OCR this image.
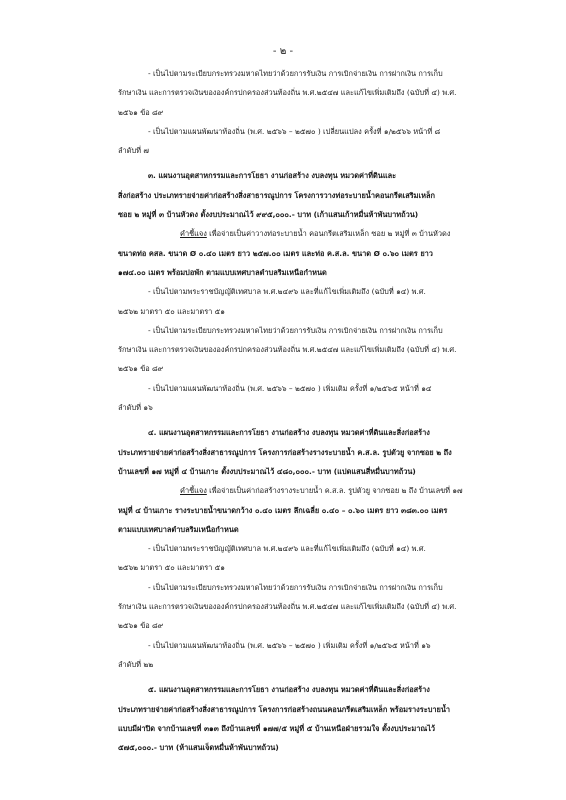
- ๒ -
- เป็นไปตามระเบียบกระทรวงมหาดไทยว่าด้วยการรับเงิน การเบิกจ่ายเงิน การฝากเงิน การเก็บ
รักษาเงิน และการตรวจเงินขององค์กรปกครองส่วนท้องถิ่น พ.ศ.๒๕๔๗ และแก้ไขเพิ่มเติมถึง (ฉบับที่ ๔) พ.ศ.
๒๕๖๑ ข้อ ๘๙
- เป็นไปตามแผนพัฒนาท้องถิ่น (พ.ศ. ๒๕๖๖ – ๒๕๗๐ ) เปลี่ยนแปลง ครั้งที่ ๑/๒๕๖๖ หน้าที่ ๘
ลำดับที่ ๗
๓. แผนงานอุตสาหกรรมและการโยธา งานก่อสร้าง งบลงทุน หมวดค่าที่ดินและ
สิ่งก่อสร้าง ประเภทรายจ่ายค่าก่อสร้างสิ่งสาธารณูปการ โครงการวางท่อระบายน้ำคอนกรีตเสริมเหล็ก
ซอย ๒ หมู่ที่ ๓ บ้านหัวดง ตั้งงบประมาณไว้ ๙๙๕,๐๐๐.- บาท (เก้าแสนเก้าหมื่นห้าพันบาทถ้วน)
คำชี้แจง เพื่อจ่ายเป็นค่าวางท่อระบายน้ำ คอนกรีตเสริมเหล็ก ซอย ๒ หมู่ที่ ๓ บ้านหัวดง
ขนาดท่อ คสล. ขนาด Ø ๐.๔๐ เมตร ยาว ๒๕๗.๐๐ เมตร และท่อ ค.ส.ล. ขนาด Ø ๐.๖๐ เมตร ยาว
๑๗๔.๐๐ เมตร พร้อมบ่อพัก ตามแบบเทศบาลตำบลริมเหนือกำหนด
- เป็นไปตามพระราชบัญญัติเทศบาล พ.ศ.๒๔๙๖ และที่แก้ไขเพิ่มเติมถึง (ฉบับที่ ๑๔) พ.ศ.
๒๕๖๒ มาตรา ๕๐ และมาตรา ๕๑
- เป็นไปตามระเบียบกระทรวงมหาดไทยว่าด้วยการรับเงิน การเบิกจ่ายเงิน การฝากเงิน การเก็บ
รักษาเงิน และการตรวจเงินขององค์กรปกครองส่วนท้องถิ่น พ.ศ.๒๕๔๗ และแก้ไขเพิ่มเติมถึง (ฉบับที่ ๔) พ.ศ.
๒๕๖๑ ข้อ ๘๙
- เป็นไปตามแผนพัฒนาท้องถิ่น (พ.ศ. ๒๕๖๖ – ๒๕๗๐ ) เพิ่มเติม ครั้งที่ ๑/๒๕๖๕ หน้าที่ ๑๔
ลำดับที่ ๑๖
๔. แผนงานอุตสาหกรรมและการโยธา งานก่อสร้าง งบลงทุน หมวดค่าที่ดินและสิ่งก่อสร้าง
ประเภทรายจ่ายค่าก่อสร้างสิ่งสาธารณูปการ โครงการก่อสร้างรางระบายน้ำ ค.ส.ล. รูปตัวยู จากซอย ๒ ถึง
บ้านเลขที่ ๑๗ หมู่ที่ ๔ บ้านเกาะ ตั้งงบประมาณไว้ ๔๘๐,๐๐๐.- บาท (แปดแสนสี่หมื่นบาทถ้วน)
คำชี้แจง เพื่อจ่ายเป็นค่าก่อสร้างรางระบายน้ำ ค.ส.ล. รูปตัวยู จากซอย ๒ ถึง บ้านเลขที่ ๑๗
หมู่ที่ ๔ บ้านเกาะ รางระบายน้ำขนาดกว้าง ๐.๔๐ เมตร ลึกเฉลี่ย ๐.๔๐ – ๐.๖๐ เมตร ยาว ๓๘๓.๐๐ เมตร
ตามแบบเทศบาลตำบลริมเหนือกำหนด
- เป็นไปตามพระราชบัญญัติเทศบาล พ.ศ.๒๔๙๖ และที่แก้ไขเพิ่มเติมถึง (ฉบับที่ ๑๔) พ.ศ.
๒๕๖๒ มาตรา ๕๐ และมาตรา ๕๑
- เป็นไปตามระเบียบกระทรวงมหาดไทยว่าด้วยการรับเงิน การเบิกจ่ายเงิน การฝากเงิน การเก็บ
รักษาเงิน และการตรวจเงินขององค์กรปกครองส่วนท้องถิ่น พ.ศ.๒๕๔๗ และแก้ไขเพิ่มเติมถึง (ฉบับที่ ๔) พ.ศ.
๒๕๖๑ ข้อ ๘๙
- เป็นไปตามแผนพัฒนาท้องถิ่น (พ.ศ. ๒๕๖๖ – ๒๕๗๐ ) เพิ่มเติม ครั้งที่ ๑/๒๕๖๕ หน้าที่ ๑๖
ลำดับที่ ๒๒
๕. แผนงานอุตสาหกรรมและการโยธา งานก่อสร้าง งบลงทุน หมวดค่าที่ดินและสิ่งก่อสร้าง
ประเภทรายจ่ายค่าก่อสร้างสิ่งสาธารณูปการ โครงการก่อสร้างถนนคอนกรีตเสริมเหล็ก พร้อมรางระบายน้ำ
แบบมีฝาปิด จากบ้านเลขที่ ๓๑๓ ถึงบ้านเลขที่ ๑๗๗/๕ หมู่ที่ ๕ บ้านเหนือฝ่ายรวมใจ ตั้งงบประมาณไว้
๕๗๕,๐๐๐.- บาท (ห้าแสนเจ็ดหมื่นห้าพันบาทถ้วน)
